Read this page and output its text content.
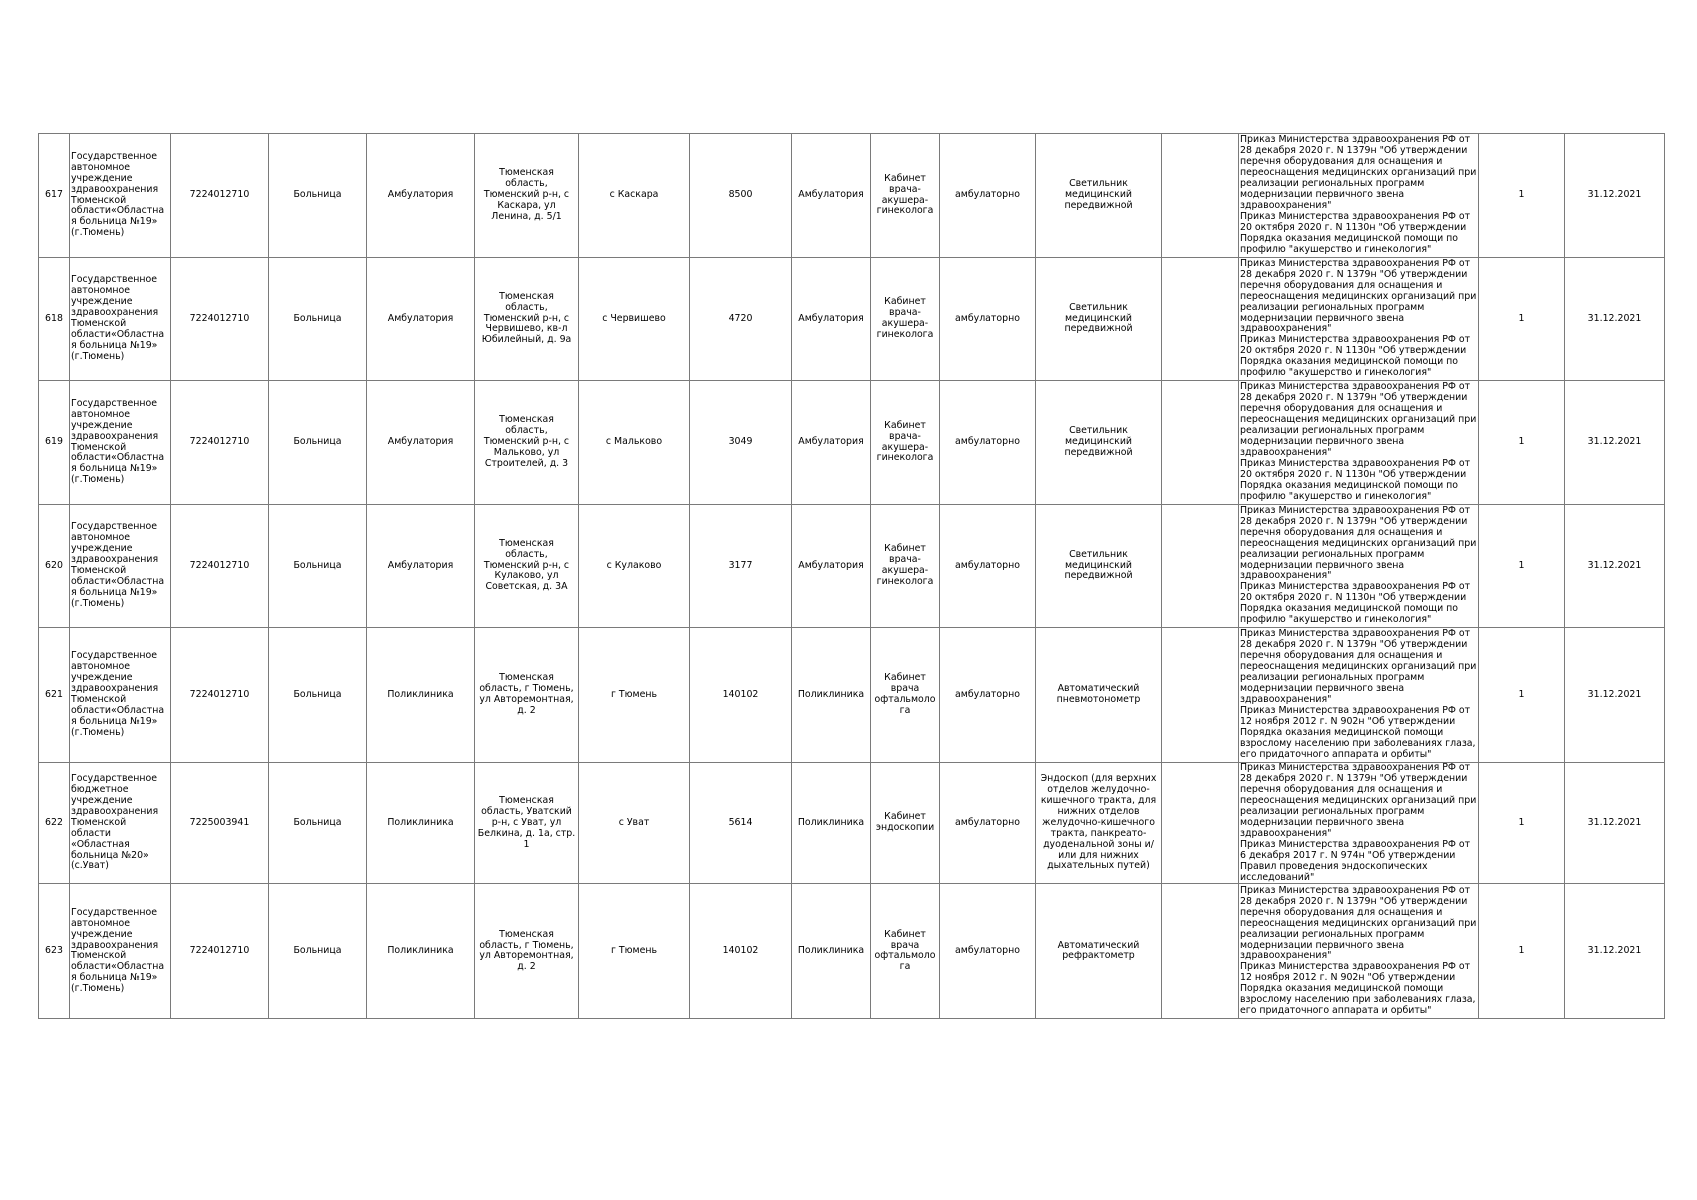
617	Государственное автономное учреждение здравоохранения Тюменской области«Областная больница №19» (г.Тюмень)	7224012710	Больница	Амбулатория	Тюменская область, Тюменский р-н, с Каскара, ул Ленина, д. 5/1	с Каскара	8500	Амбулатория	Кабинет врача-акушера-гинеколога	амбулаторно	Светильник медицинский передвижной		Приказ Министерства здравоохранения РФ от 28 декабря 2020 г. N 1379н "Об утверждении перечня оборудования для оснащения и переоснащения медицинских организаций при реализации региональных программ модернизации первичного звена здравоохранения"
Приказ Министерства здравоохранения РФ от 20 октября 2020 г. N 1130н "Об утверждении Порядка оказания медицинской помощи по профилю "акушерство и гинекология"	1	31.12.2021
618	Государственное автономное учреждение здравоохранения Тюменской области«Областная больница №19» (г.Тюмень)	7224012710	Больница	Амбулатория	Тюменская область, Тюменский р-н, с Червишево, кв-л Юбилейный, д. 9а	с Червишево	4720	Амбулатория	Кабинет врача-акушера-гинеколога	амбулаторно	Светильник медицинский передвижной		Приказ Министерства здравоохранения РФ от 28 декабря 2020 г. N 1379н "Об утверждении перечня оборудования для оснащения и переоснащения медицинских организаций при реализации региональных программ модернизации первичного звена здравоохранения"
Приказ Министерства здравоохранения РФ от 20 октября 2020 г. N 1130н "Об утверждении Порядка оказания медицинской помощи по профилю "акушерство и гинекология"	1	31.12.2021
619	Государственное автономное учреждение здравоохранения Тюменской области«Областная больница №19» (г.Тюмень)	7224012710	Больница	Амбулатория	Тюменская область, Тюменский р-н, с Мальково, ул Строителей, д. 3	с Мальково	3049	Амбулатория	Кабинет врача-акушера-гинеколога	амбулаторно	Светильник медицинский передвижной		Приказ Министерства здравоохранения РФ от 28 декабря 2020 г. N 1379н "Об утверждении перечня оборудования для оснащения и переоснащения медицинских организаций при реализации региональных программ модернизации первичного звена здравоохранения"
Приказ Министерства здравоохранения РФ от 20 октября 2020 г. N 1130н "Об утверждении Порядка оказания медицинской помощи по профилю "акушерство и гинекология"	1	31.12.2021
620	Государственное автономное учреждение здравоохранения Тюменской области«Областная больница №19» (г.Тюмень)	7224012710	Больница	Амбулатория	Тюменская область, Тюменский р-н, с Кулаково, ул Советская, д. 3А	с Кулаково	3177	Амбулатория	Кабинет врача-акушера-гинеколога	амбулаторно	Светильник медицинский передвижной		Приказ Министерства здравоохранения РФ от 28 декабря 2020 г. N 1379н "Об утверждении перечня оборудования для оснащения и переоснащения медицинских организаций при реализации региональных программ модернизации первичного звена здравоохранения"
Приказ Министерства здравоохранения РФ от 20 октября 2020 г. N 1130н "Об утверждении Порядка оказания медицинской помощи по профилю "акушерство и гинекология"	1	31.12.2021
621	Государственное автономное учреждение здравоохранения Тюменской области«Областная больница №19» (г.Тюмень)	7224012710	Больница	Поликлиника	Тюменская область, г Тюмень, ул Авторемонтная, д. 2	г Тюмень	140102	Поликлиника	Кабинет врача офтальмолога	амбулаторно	Автоматический пневмотонометр		Приказ Министерства здравоохранения РФ от 28 декабря 2020 г. N 1379н "Об утверждении перечня оборудования для оснащения и переоснащения медицинских организаций при реализации региональных программ модернизации первичного звена здравоохранения"
Приказ Министерства здравоохранения РФ от 12 ноября 2012 г. N 902н "Об утверждении Порядка оказания медицинской помощи взрослому населению при заболеваниях глаза, его придаточного аппарата и орбиты"	1	31.12.2021
622	Государственное бюджетное учреждение здравоохранения Тюменской области «Областная больница №20» (с.Уват)	7225003941	Больница	Поликлиника	Тюменская область, Уватский р-н, с Уват, ул Белкина, д. 1а, стр. 1	с Уват	5614	Поликлиника	Кабинет эндоскопии	амбулаторно	Эндоскоп (для верхних отделов желудочно-кишечного тракта, для нижних отделов желудочно-кишечного тракта, панкреато-дуоденальной зоны и/или для нижних дыхательных путей)		Приказ Министерства здравоохранения РФ от 28 декабря 2020 г. N 1379н "Об утверждении перечня оборудования для оснащения и переоснащения медицинских организаций при реализации региональных программ модернизации первичного звена здравоохранения"
Приказ Министерства здравоохранения РФ от 6 декабря 2017 г. N 974н "Об утверждении Правил проведения эндоскопических исследований"	1	31.12.2021
623	Государственное автономное учреждение здравоохранения Тюменской области«Областная больница №19» (г.Тюмень)	7224012710	Больница	Поликлиника	Тюменская область, г Тюмень, ул Авторемонтная, д. 2	г Тюмень	140102	Поликлиника	Кабинет врача офтальмолога	амбулаторно	Автоматический рефрактометр		Приказ Министерства здравоохранения РФ от 28 декабря 2020 г. N 1379н "Об утверждении перечня оборудования для оснащения и переоснащения медицинских организаций при реализации региональных программ модернизации первичного звена здравоохранения"
Приказ Министерства здравоохранения РФ от 12 ноября 2012 г. N 902н "Об утверждении Порядка оказания медицинской помощи взрослому населению при заболеваниях глаза, его придаточного аппарата и орбиты"	1	31.12.2021
